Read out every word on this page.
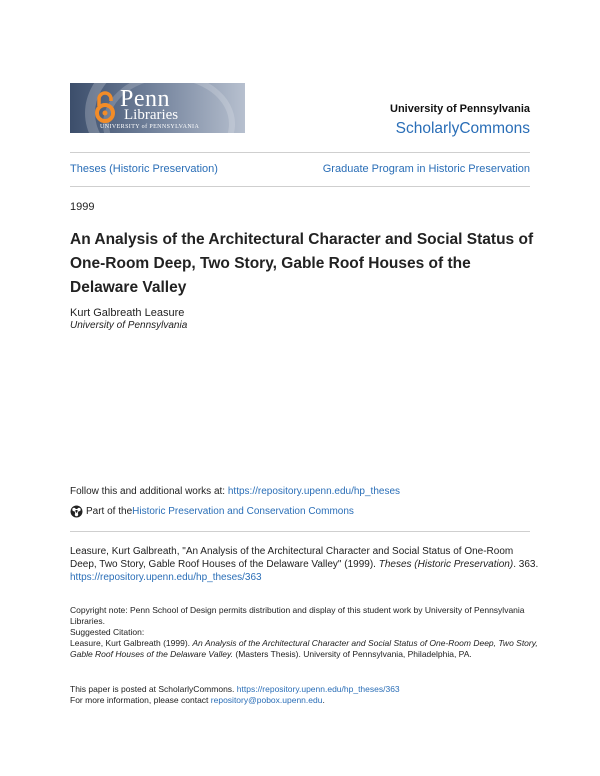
Penn
Libraries
UNIVERSITY of PENNSYLVANIA
University of Pennsylvania
ScholarlyCommons
Theses (Historic Preservation)	Graduate Program in Historic Preservation
1999
An Analysis of the Architectural Character and Social Status of One-Room Deep, Two Story, Gable Roof Houses of the Delaware Valley
Kurt Galbreath Leasure
University of Pennsylvania
Follow this and additional works at: https://repository.upenn.edu/hp_theses
Part of the Historic Preservation and Conservation Commons
Leasure, Kurt Galbreath, "An Analysis of the Architectural Character and Social Status of One-Room Deep, Two Story, Gable Roof Houses of the Delaware Valley" (1999). Theses (Historic Preservation). 363.
https://repository.upenn.edu/hp_theses/363
Copyright note: Penn School of Design permits distribution and display of this student work by University of Pennsylvania Libraries.
Suggested Citation:
Leasure, Kurt Galbreath (1999). An Analysis of the Architectural Character and Social Status of One-Room Deep, Two Story, Gable Roof Houses of the Delaware Valley. (Masters Thesis). University of Pennsylvania, Philadelphia, PA.
This paper is posted at ScholarlyCommons. https://repository.upenn.edu/hp_theses/363
For more information, please contact repository@pobox.upenn.edu.
